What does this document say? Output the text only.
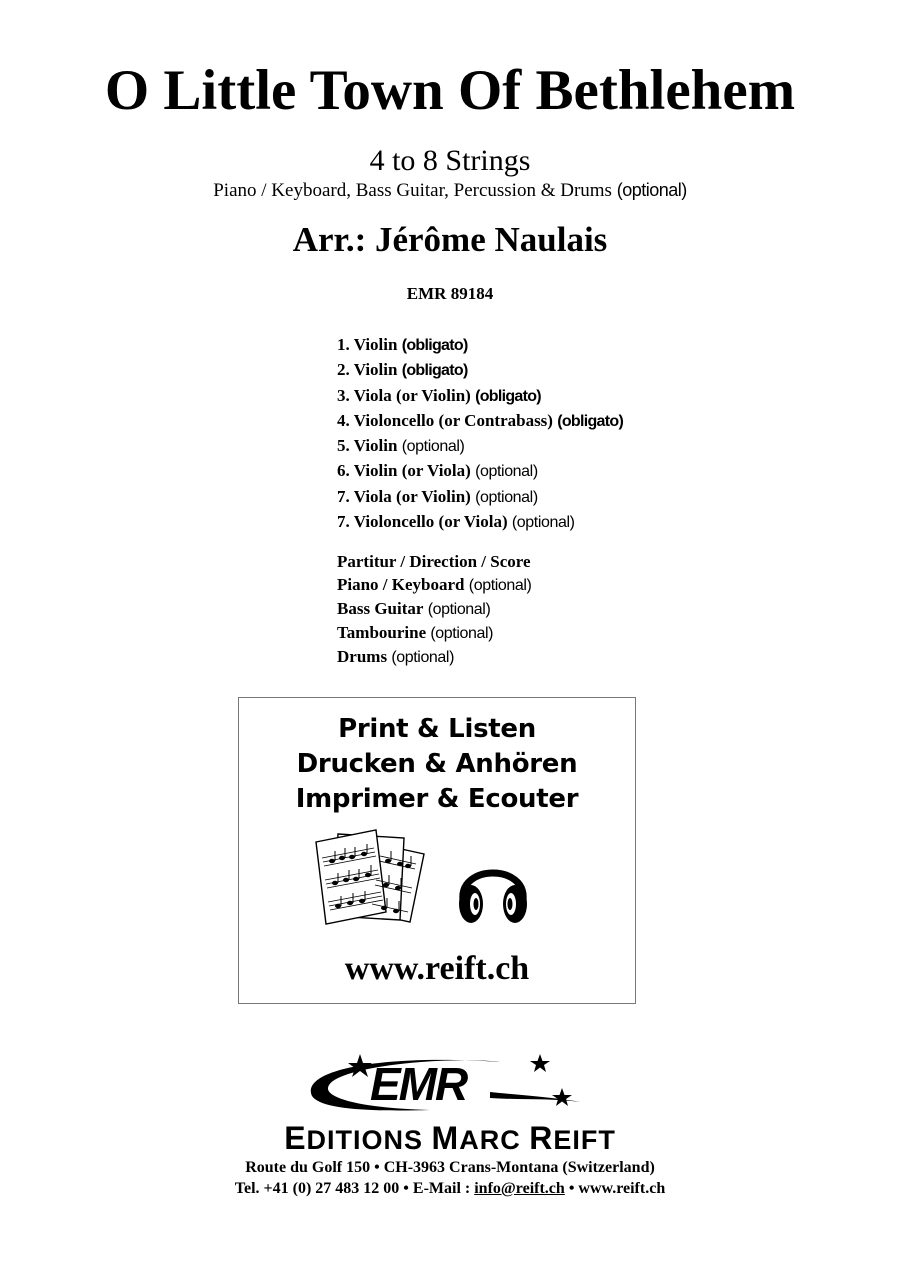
O Little Town Of Bethlehem
4 to 8 Strings
Piano / Keyboard, Bass Guitar, Percussion & Drums (optional)
Arr.: Jérôme Naulais
EMR 89184
1. Violin (obligato)
2. Violin (obligato)
3. Viola (or Violin) (obligato)
4. Violoncello (or Contrabass) (obligato)
5. Violin (optional)
6. Violin (or Viola) (optional)
7. Viola (or Violin) (optional)
7. Violoncello (or Viola) (optional)
Partitur / Direction / Score
Piano / Keyboard (optional)
Bass Guitar (optional)
Tambourine (optional)
Drums (optional)
Print & Listen
Drucken & Anhören
Imprimer & Ecouter
www.reift.ch
EMR
EDITIONS MARC REIFT
Route du Golf 150 • CH-3963 Crans-Montana (Switzerland)
Tel. +41 (0) 27 483 12 00 • E-Mail : info@reift.ch • www.reift.ch
